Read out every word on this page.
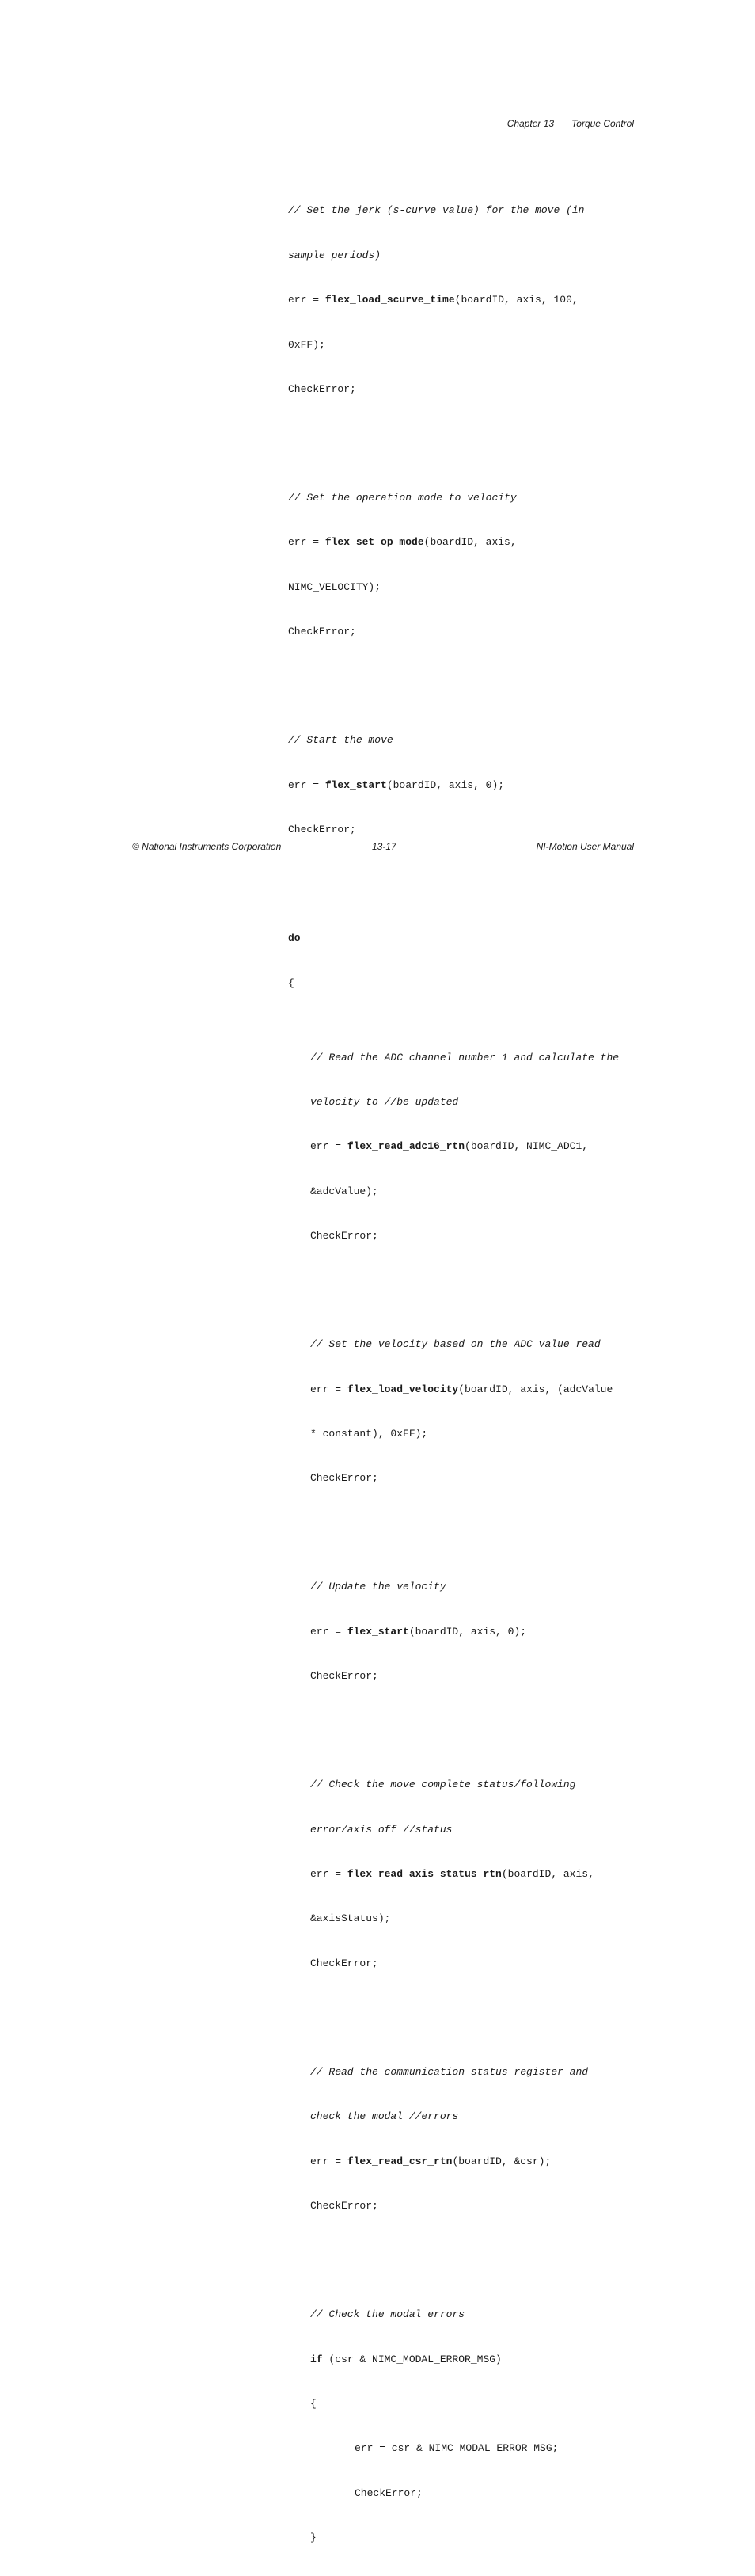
Chapter 13 Torque Control

// Set the jerk (s-curve value) for the move (in

sample periods)

err = flex_load_scurve_time(boardID, axis, 100,

0xFF);

CheckError;

// Set the operation mode to velocity

err = flex_set_op_mode(boardID, axis,

NIMC_VELOCITY);

CheckError;

// Start the move

err = flex_start(boardID, axis, 0);

CheckError;

do

{

// Read the ADC channel number 1 and calculate the

velocity to //be updated

err = flex_read_adc16_rtn(boardID, NIMC_ADC1,

&adcValue);

CheckError;

// Set the velocity based on the ADC value read

err = flex_load_velocity(boardID, axis, (adcValue

* constant), 0xFF);

CheckError;

// Update the velocity

err = flex_start(boardID, axis, 0);

CheckError;

// Check the move complete status/following

error/axis off //status

err = flex_read_axis_status_rtn(boardID, axis,

&axisStatus);

CheckError;

// Read the communication status register and

check the modal //errors

err = flex_read_csr_rtn(boardID, &csr);

CheckError;

// Check the modal errors

if (csr & NIMC_MODAL_ERROR_MSG)

{

err = csr & NIMC_MODAL_ERROR_MSG;

CheckError;

}

© National Instruments Corporation	13-17	NI-Motion User Manual
